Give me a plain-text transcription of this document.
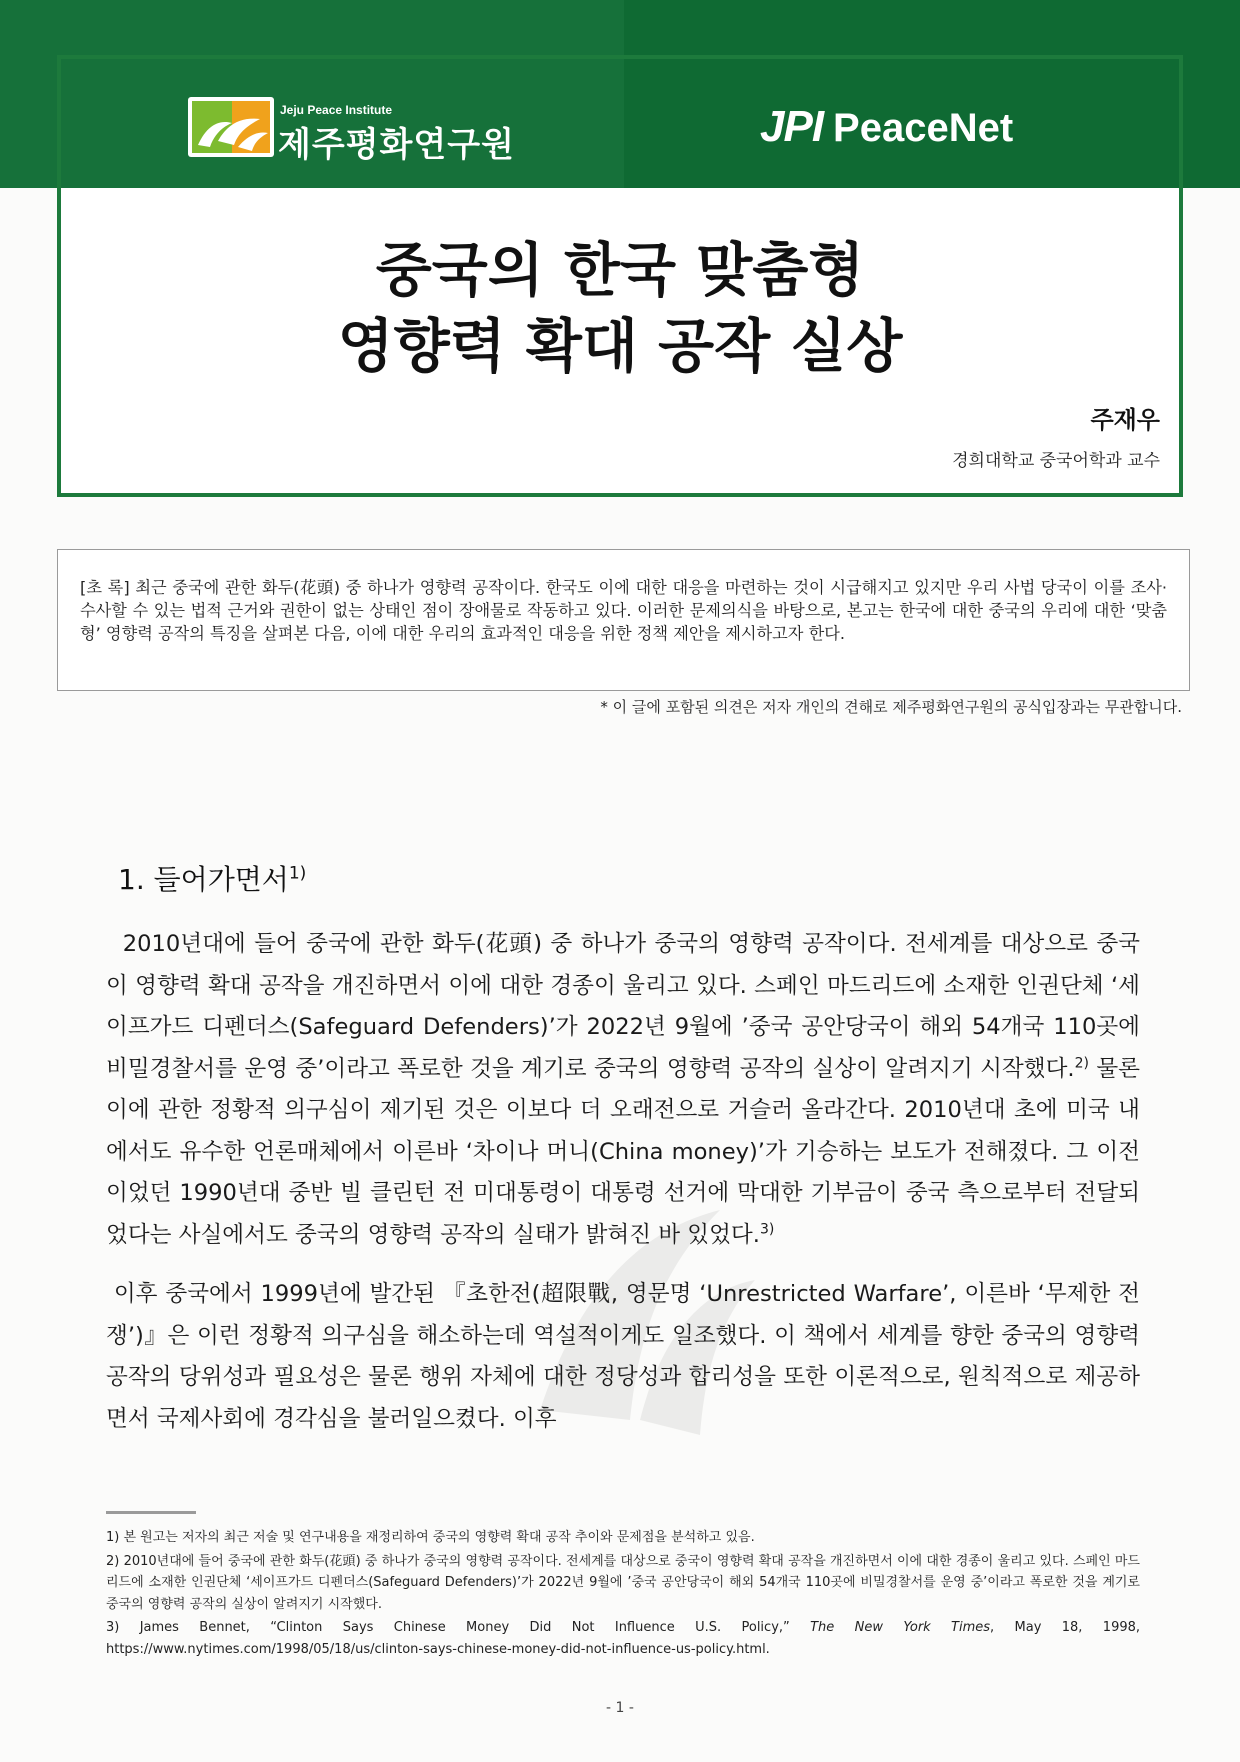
Jeju Peace Institute
제주평화연구원	JPI PeaceNet
중국의 한국 맞춤형
영향력 확대 공작 실상
주재우
경희대학교 중국어학과 교수
[초 록] 최근 중국에 관한 화두(花頭) 중 하나가 영향력 공작이다. 한국도 이에 대한 대응을 마련하는 것이 시급해지고 있지만 우리 사법 당국이 이를 조사·수사할 수 있는 법적 근거와 권한이 없는 상태인 점이 장애물로 작동하고 있다. 이러한 문제의식을 바탕으로, 본고는 한국에 대한 중국의 우리에 대한 ‘맞춤형’ 영향력 공작의 특징을 살펴본 다음, 이에 대한 우리의 효과적인 대응을 위한 정책 제안을 제시하고자 한다.
* 이 글에 포함된 의견은 저자 개인의 견해로 제주평화연구원의 공식입장과는 무관합니다.
1. 들어가면서$^{1)}$

2010년대에 들어 중국에 관한 화두(花頭) 중 하나가 중국의 영향력 공작이다. 전세계를 대상으로 중국이 영향력 확대 공작을 개진하면서 이에 대한 경종이 울리고 있다. 스페인 마드리드에 소재한 인권단체 ‘세이프가드 디펜더스(Safeguard Defenders)’가 2022년 9월에 ’중국 공안당국이 해외 54개국 110곳에 비밀경찰서를 운영 중’이라고 폭로한 것을 계기로 중국의 영향력 공작의 실상이 알려지기 시작했다.$^{2)}$ 물론 이에 관한 정황적 의구심이 제기된 것은 이보다 더 오래전으로 거슬러 올라간다. 2010년대 초에 미국 내에서도 유수한 언론매체에서 이른바 ‘차이나 머니(China money)’가 기승하는 보도가 전해졌다. 그 이전이었던 1990년대 중반 빌 클린턴 전 미대통령이 대통령 선거에 막대한 기부금이 중국 측으로부터 전달되었다는 사실에서도 중국의 영향력 공작의 실태가 밝혀진 바 있었다.$^{3)}$

이후 중국에서 1999년에 발간된 『초한전(超限戰, 영문명 ‘Unrestricted Warfare’, 이른바 ‘무제한 전쟁’)』은 이런 정황적 의구심을 해소하는데 역설적이게도 일조했다. 이 책에서 세계를 향한 중국의 영향력 공작의 당위성과 필요성은 물론 행위 자체에 대한 정당성과 합리성을 또한 이론적으로, 원칙적으로 제공하면서 국제사회에 경각심을 불러일으켰다. 이후

1) 본 원고는 저자의 최근 저술 및 연구내용을 재정리하여 중국의 영향력 확대 공작 추이와 문제점을 분석하고 있음.

2) 2010년대에 들어 중국에 관한 화두(花頭) 중 하나가 중국의 영향력 공작이다. 전세계를 대상으로 중국이 영향력 확대 공작을 개진하면서 이에 대한 경종이 울리고 있다. 스페인 마드리드에 소재한 인권단체 ‘세이프가드 디펜더스(Safeguard Defenders)’가 2022년 9월에 ’중국 공안당국이 해외 54개국 110곳에 비밀경찰서를 운영 중’이라고 폭로한 것을 계기로 중국의 영향력 공작의 실상이 알려지기 시작했다.

3) James Bennet, “Clinton Says Chinese Money Did Not Influence U.S. Policy,” The New York Times, May 18, 1998, https://www.nytimes.com/1998/05/18/us/clinton-says-chinese-money-did-not-influence-us-policy.html.

- 1 -
